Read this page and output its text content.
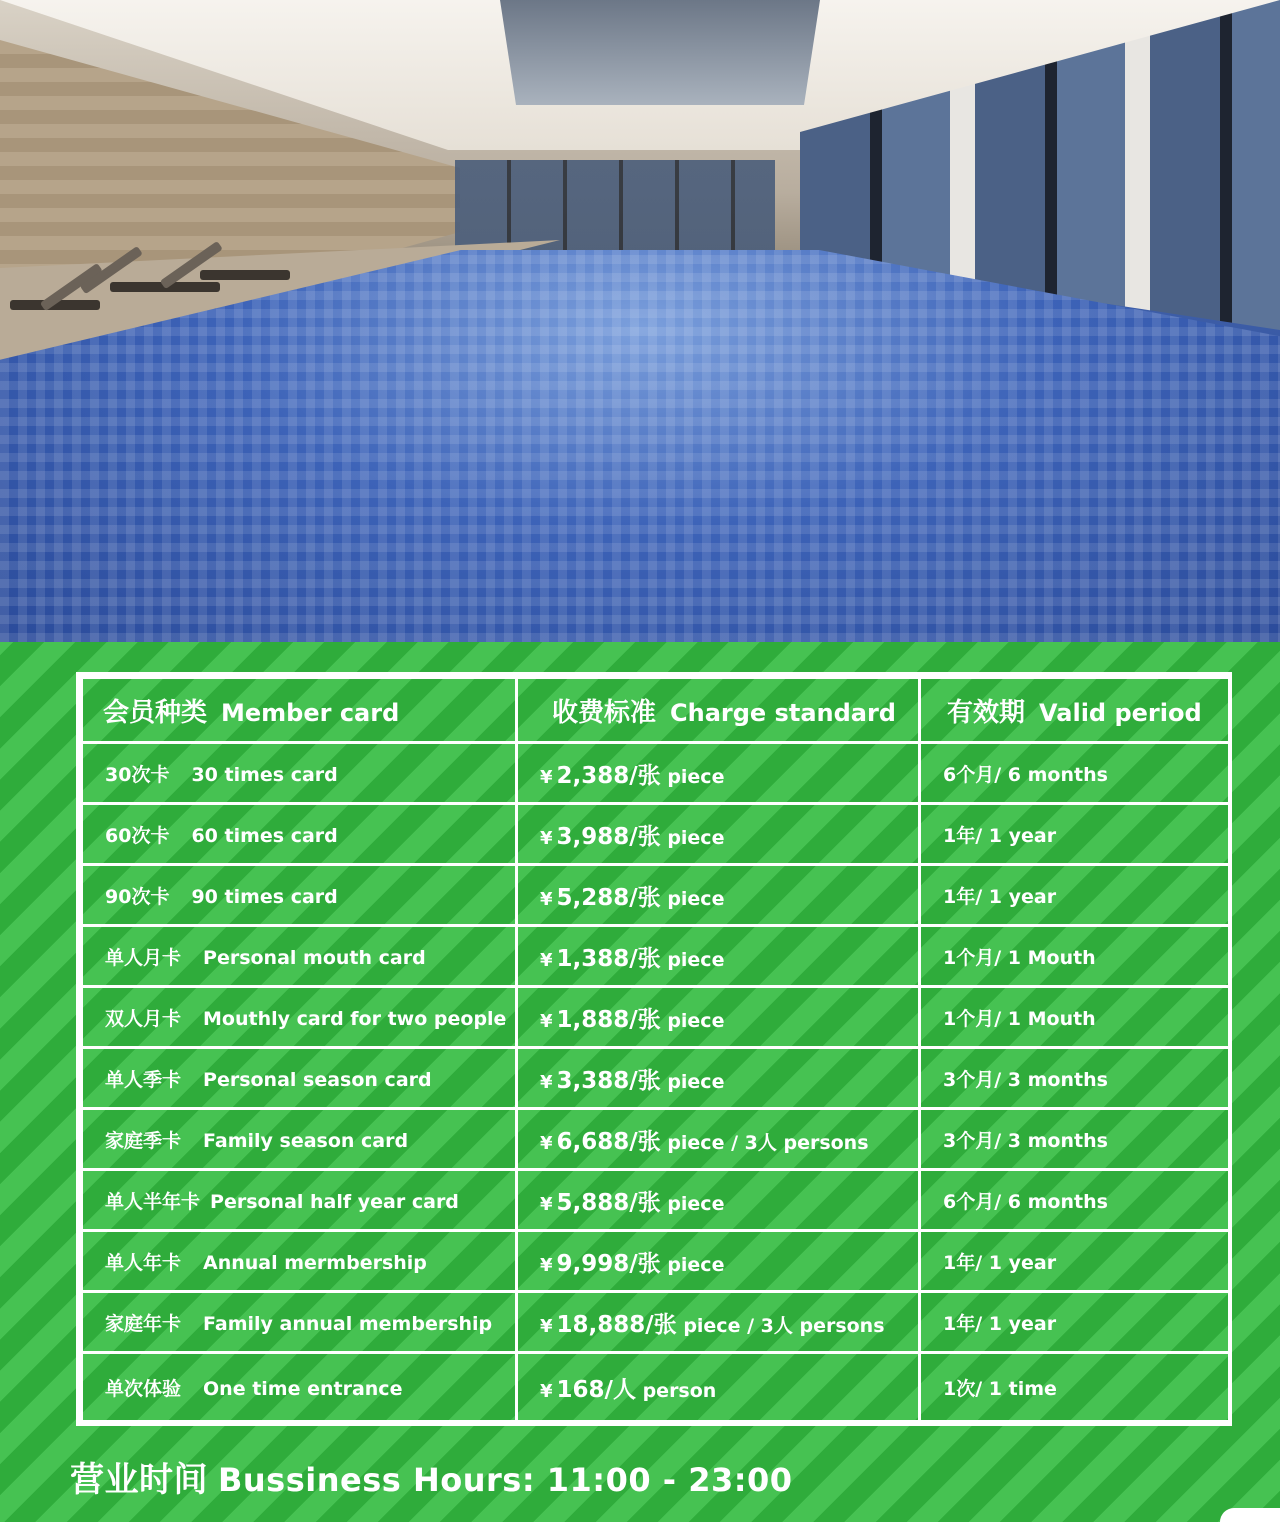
会员种类 Member card	收费标准 Charge standard	有效期 Valid period
30次卡 30 times card	¥ 2,388/张 piece	6个月/ 6 months
60次卡 60 times card	¥ 3,988/张 piece	1年/ 1 year
90次卡 90 times card	¥ 5,288/张 piece	1年/ 1 year
单人月卡 Personal mouth card	¥ 1,388/张 piece	1个月/ 1 Mouth
双人月卡 Mouthly card for two people	¥ 1,888/张 piece	1个月/ 1 Mouth
单人季卡 Personal season card	¥ 3,388/张 piece	3个月/ 3 months
家庭季卡 Family season card	¥ 6,688/张 piece / 3人 persons	3个月/ 3 months
单人半年卡 Personal half year card	¥ 5,888/张 piece	6个月/ 6 months
单人年卡 Annual mermbership	¥ 9,998/张 piece	1年/ 1 year
家庭年卡 Family annual membership	¥ 18,888/张 piece / 3人 persons	1年/ 1 year
单次体验 One time entrance	¥ 168/人 person	1次/ 1 time
营业时间 Bussiness Hours: 11:00 - 23:00
